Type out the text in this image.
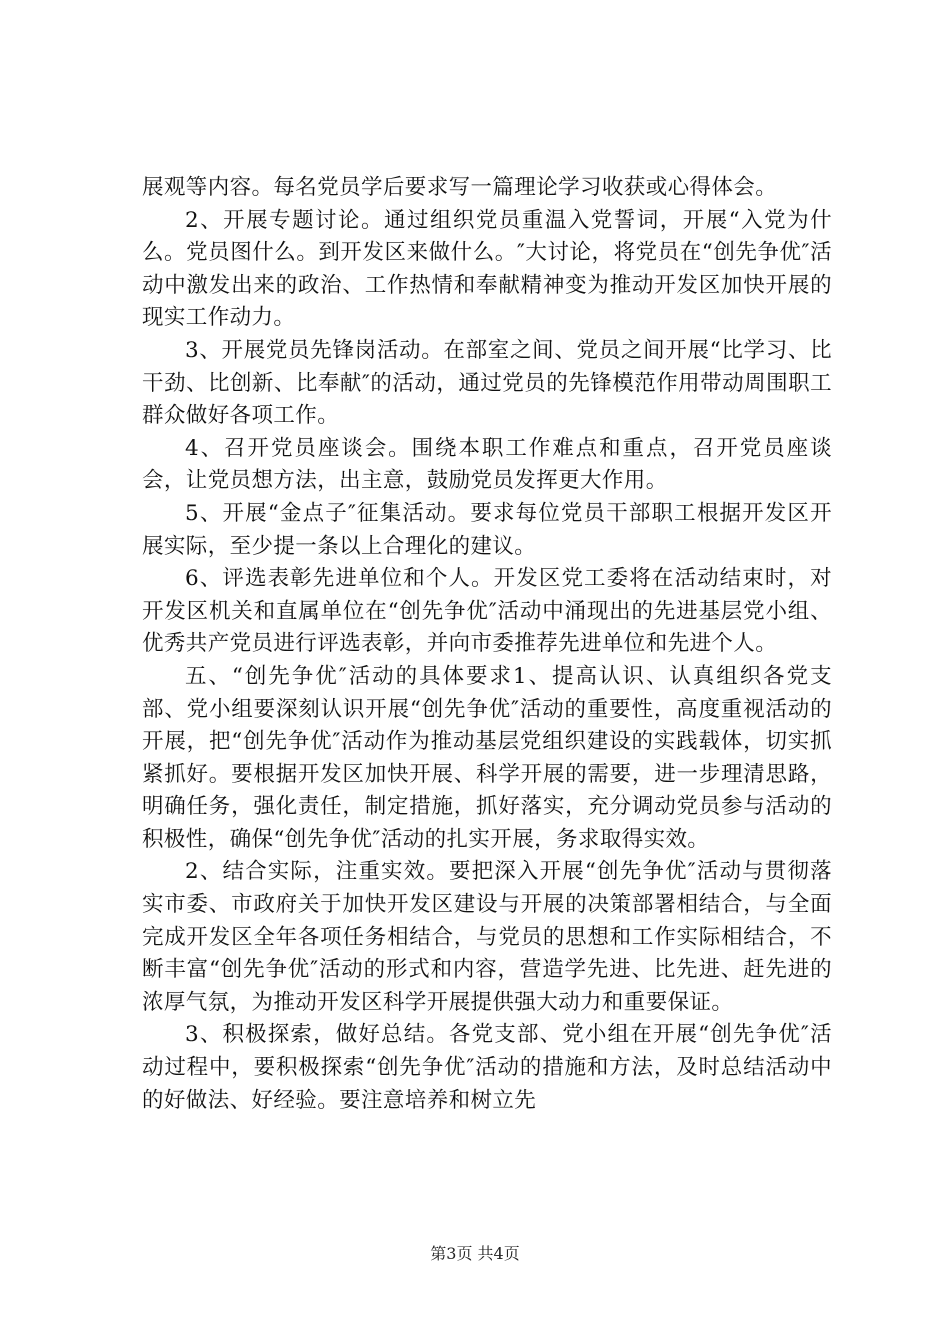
展观等内容。每名党员学后要求写一篇理论学习收获或心得体会。

2、开展专题讨论。通过组织党员重温入党誓词，开展“入党为什么。党员图什么。到开发区来做什么。″大讨论，将党员在“创先争优″活动中激发出来的政治、工作热情和奉献精神变为推动开发区加快开展的现实工作动力。

3、开展党员先锋岗活动。在部室之间、党员之间开展“比学习、比干劲、比创新、比奉献″的活动，通过党员的先锋模范作用带动周围职工群众做好各项工作。

4、召开党员座谈会。围绕本职工作难点和重点，召开党员座谈会，让党员想方法，出主意，鼓励党员发挥更大作用。

5、开展“金点子″征集活动。要求每位党员干部职工根据开发区开展实际，至少提一条以上合理化的建议。

6、评选表彰先进单位和个人。开发区党工委将在活动结束时，对开发区机关和直属单位在“创先争优″活动中涌现出的先进基层党小组、优秀共产党员进行评选表彰，并向市委推荐先进单位和先进个人。

五、“创先争优″活动的具体要求1、提高认识、认真组织各党支部、党小组要深刻认识开展“创先争优″活动的重要性，高度重视活动的开展，把“创先争优″活动作为推动基层党组织建设的实践载体，切实抓紧抓好。要根据开发区加快开展、科学开展的需要，进一步理清思路，明确任务，强化责任，制定措施，抓好落实，充分调动党员参与活动的积极性，确保“创先争优″活动的扎实开展，务求取得实效。

2、结合实际，注重实效。要把深入开展“创先争优″活动与贯彻落实市委、市政府关于加快开发区建设与开展的决策部署相结合，与全面完成开发区全年各项任务相结合，与党员的思想和工作实际相结合，不断丰富“创先争优″活动的形式和内容，营造学先进、比先进、赶先进的浓厚气氛，为推动开发区科学开展提供强大动力和重要保证。

3、积极探索，做好总结。各党支部、党小组在开展“创先争优″活动过程中，要积极探索“创先争优″活动的措施和方法，及时总结活动中的好做法、好经验。要注意培养和树立先

第3页 共4页
